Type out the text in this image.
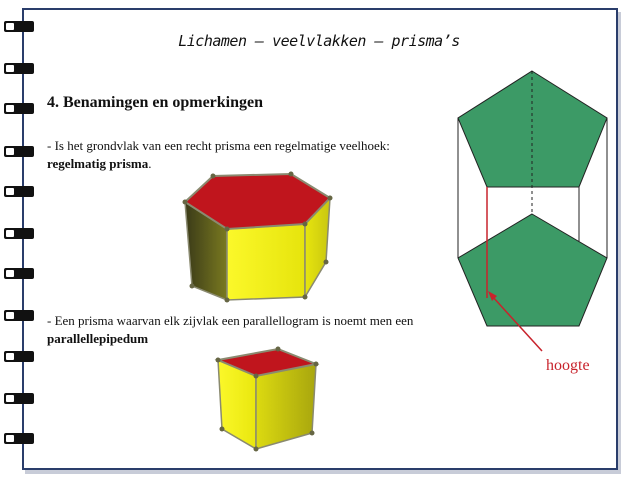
Lichamen – veelvlakken – prisma’s
4. Benamingen en opmerkingen
- Is het grondvlak van een recht prisma een regelmatige veelhoek: regelmatig prisma.
- Een prisma waarvan elk zijvlak een parallellogram is noemt men een parallellepipedum
hoogte
